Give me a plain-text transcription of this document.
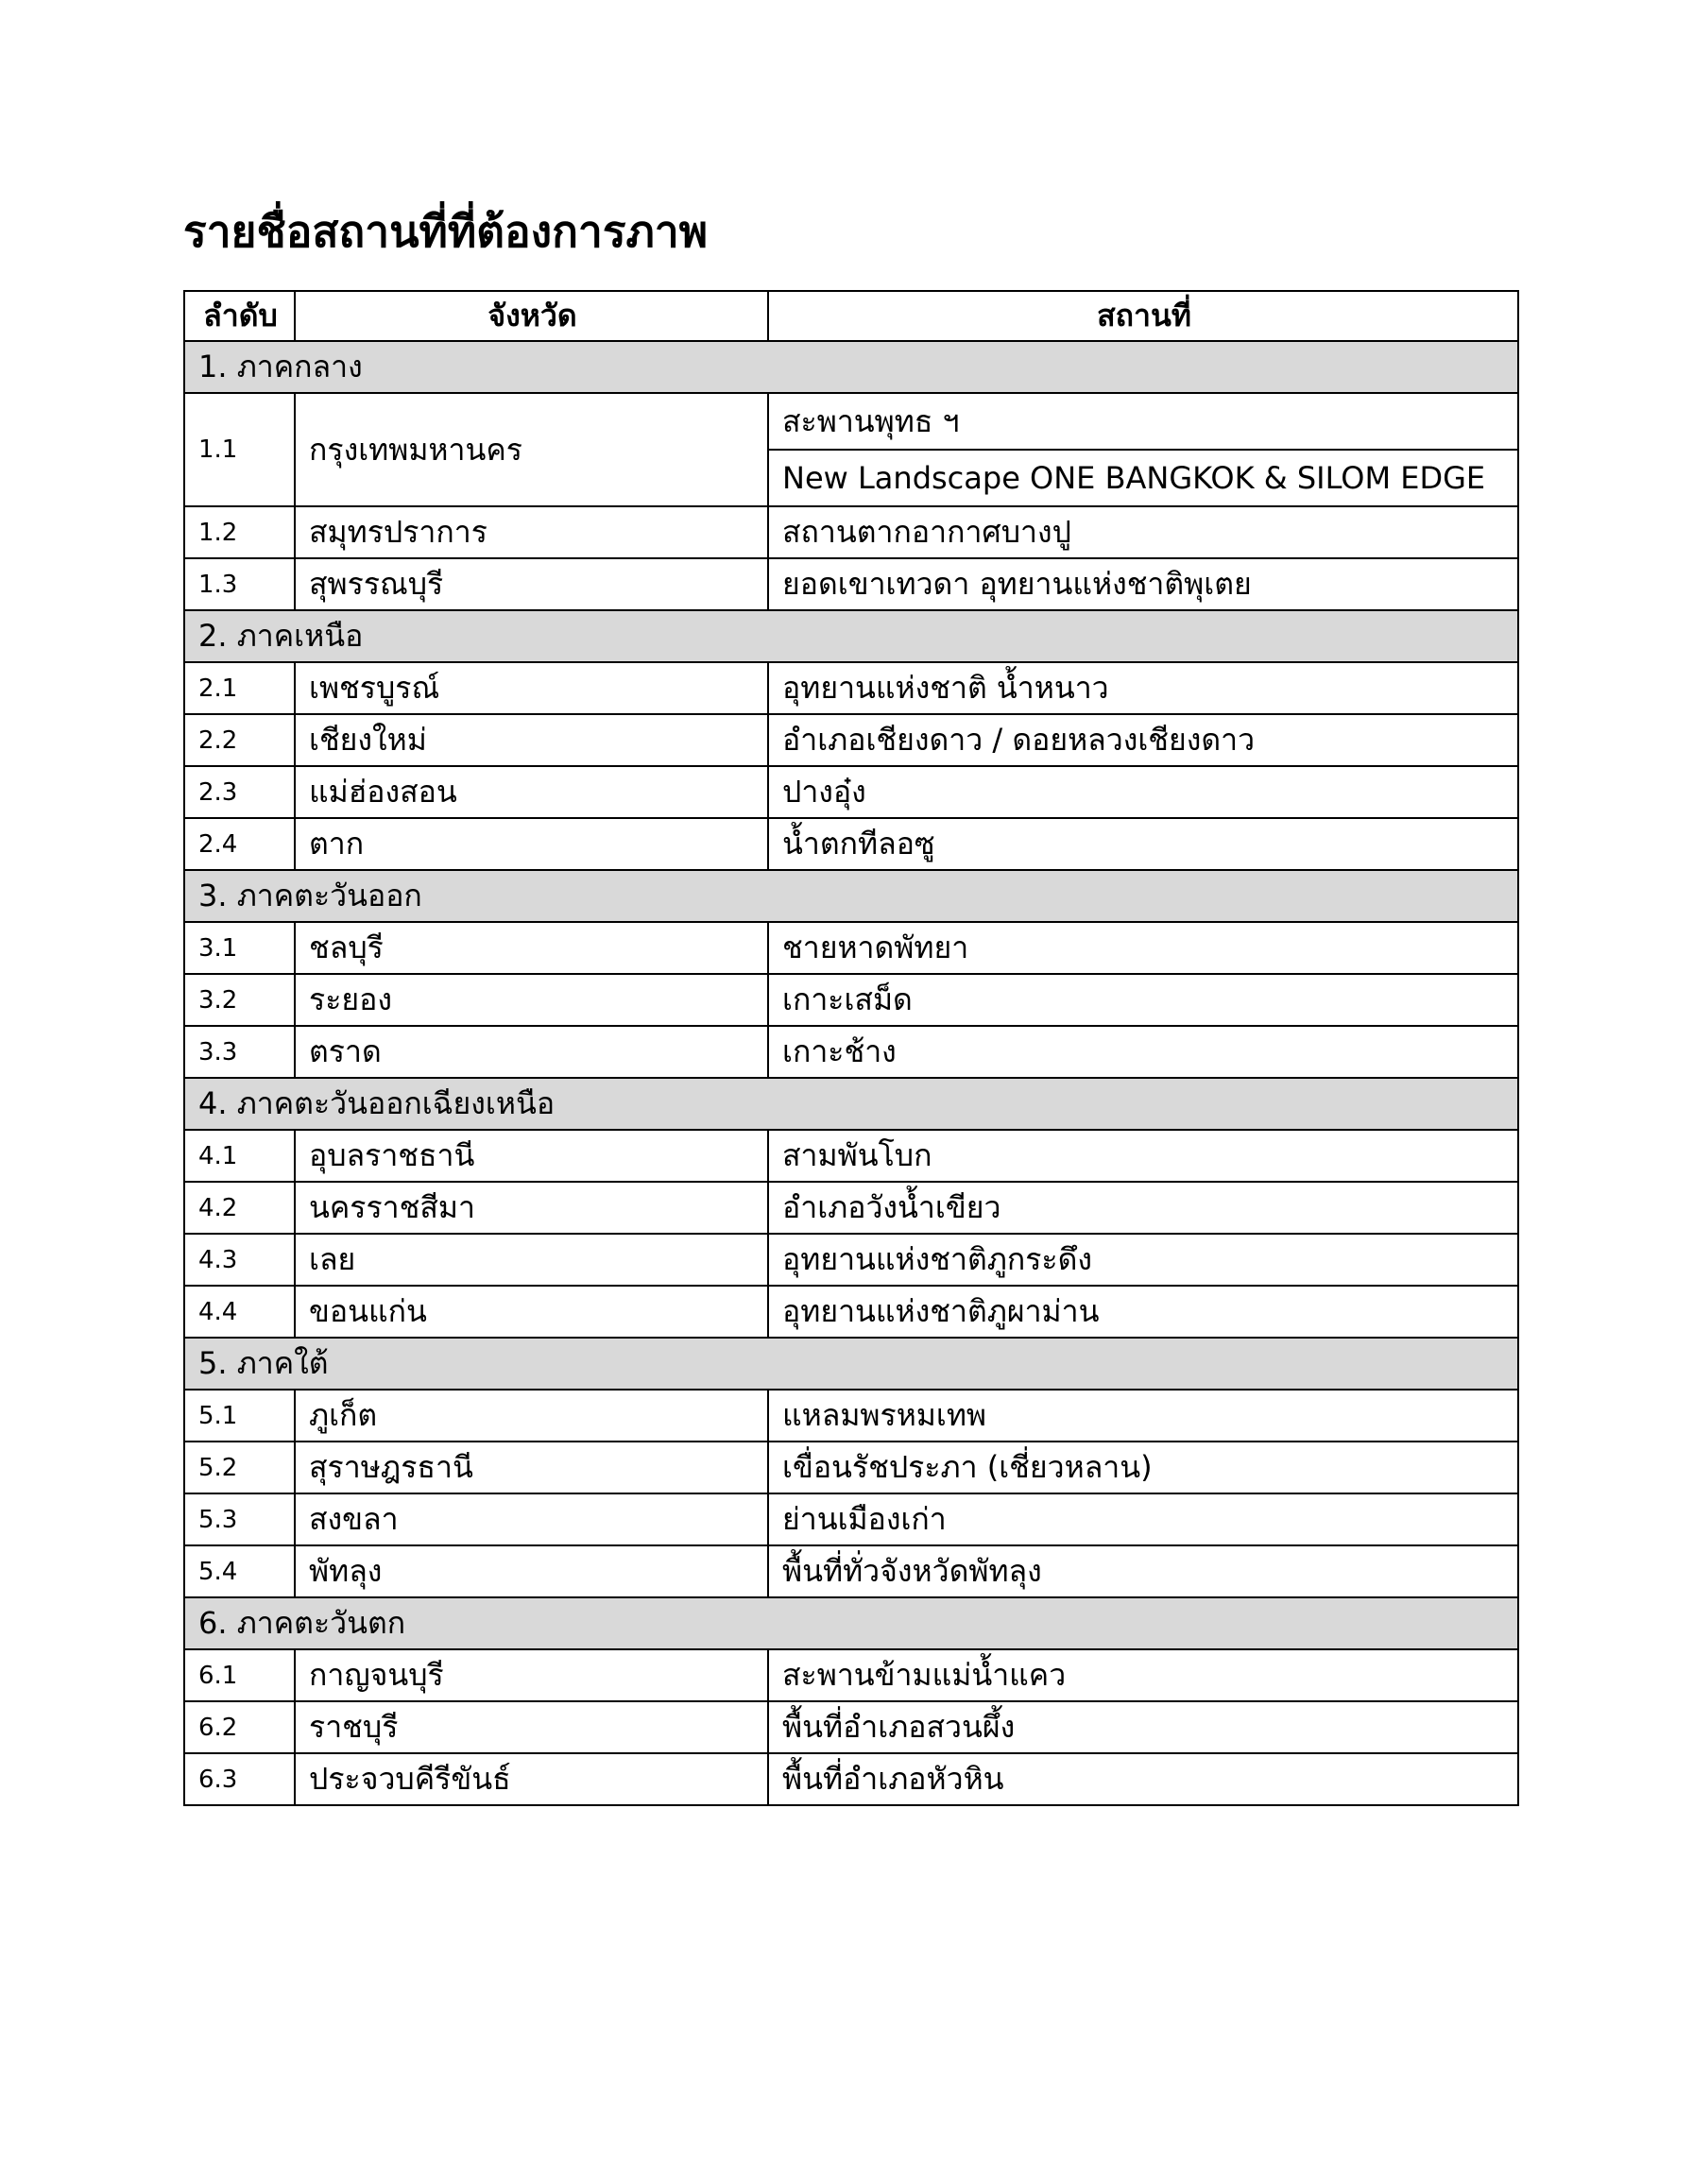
รายชื่อสถานที่ที่ต้องการภาพ
ลำดับ	จังหวัด	สถานที่
1. ภาคกลาง		
1.1	กรุงเทพมหานคร	สะพานพุทธ ฯ
		New Landscape ONE BANGKOK & SILOM EDGE
1.2	สมุทรปราการ	สถานตากอากาศบางปู
1.3	สุพรรณบุรี	ยอดเขาเทวดา อุทยานแห่งชาติพุเตย
2. ภาคเหนือ		
2.1	เพชรบูรณ์	อุทยานแห่งชาติ น้ำหนาว
2.2	เชียงใหม่	อำเภอเชียงดาว / ดอยหลวงเชียงดาว
2.3	แม่ฮ่องสอน	ปางอุ๋ง
2.4	ตาก	น้ำตกทีลอซู
3. ภาคตะวันออก		
3.1	ชลบุรี	ชายหาดพัทยา
3.2	ระยอง	เกาะเสม็ด
3.3	ตราด	เกาะช้าง
4. ภาคตะวันออกเฉียงเหนือ		
4.1	อุบลราชธานี	สามพันโบก
4.2	นครราชสีมา	อำเภอวังน้ำเขียว
4.3	เลย	อุทยานแห่งชาติภูกระดึง
4.4	ขอนแก่น	อุทยานแห่งชาติภูผาม่าน
5. ภาคใต้		
5.1	ภูเก็ต	แหลมพรหมเทพ
5.2	สุราษฎรธานี	เขื่อนรัชประภา (เชี่ยวหลาน)
5.3	สงขลา	ย่านเมืองเก่า
5.4	พัทลุง	พื้นที่ทั่วจังหวัดพัทลุง
6. ภาคตะวันตก		
6.1	กาญจนบุรี	สะพานข้ามแม่น้ำแคว
6.2	ราชบุรี	พื้นที่อำเภอสวนผึ้ง
6.3	ประจวบคีรีขันธ์	พื้นที่อำเภอหัวหิน
